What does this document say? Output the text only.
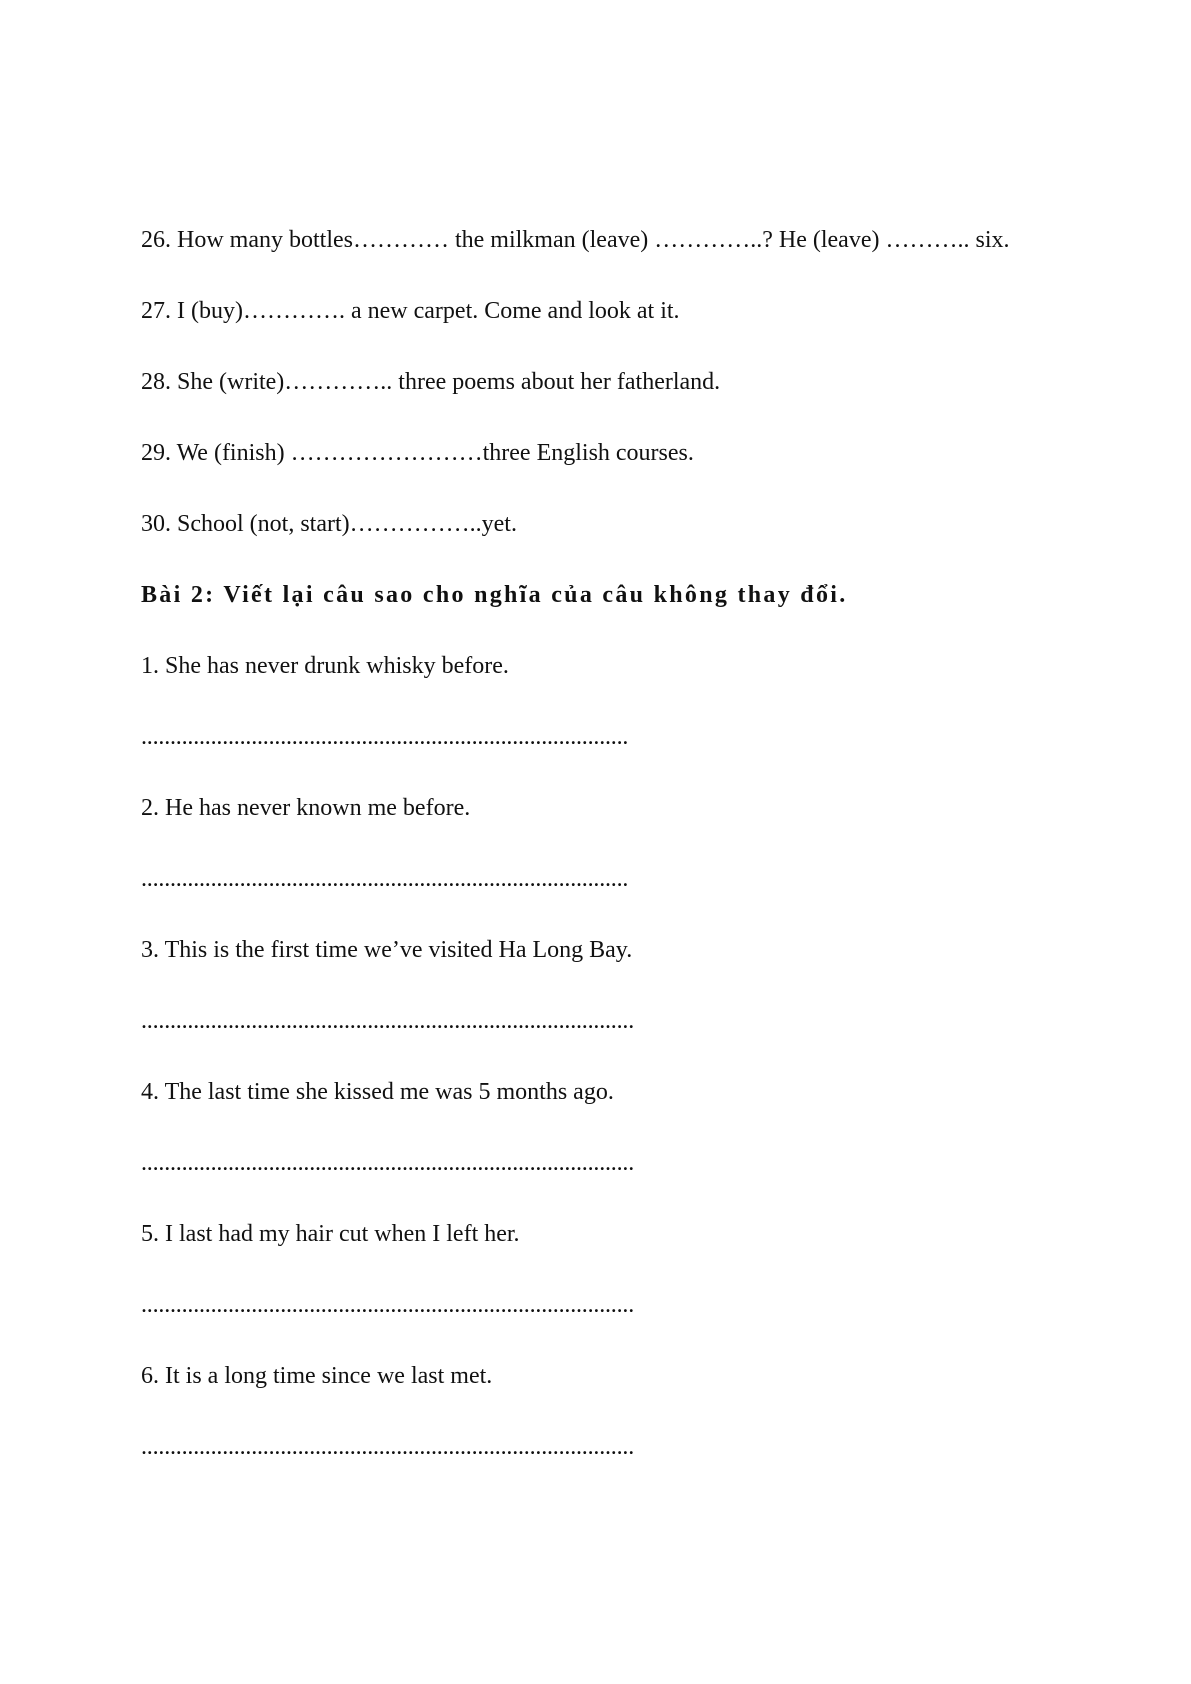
26. How many bottles………… the milkman (leave) …………..? He (leave) ……….. six.
27. I (buy)…………. a new carpet. Come and look at it.
28. She (write)………….. three poems about her fatherland.
29. We (finish) ……………………three English courses.
30. School (not, start)……………..yet.
Bài 2: Viết lại câu sao cho nghĩa của câu không thay đổi.
1. She has never drunk whisky before.
....................................................................................
2. He has never known me before.
....................................................................................
3. This is the first time we’ve visited Ha Long Bay.
.....................................................................................
4. The last time she kissed me was 5 months ago.
.....................................................................................
5. I last had my hair cut when I left her.
.....................................................................................
6. It is a long time since we last met.
.....................................................................................
